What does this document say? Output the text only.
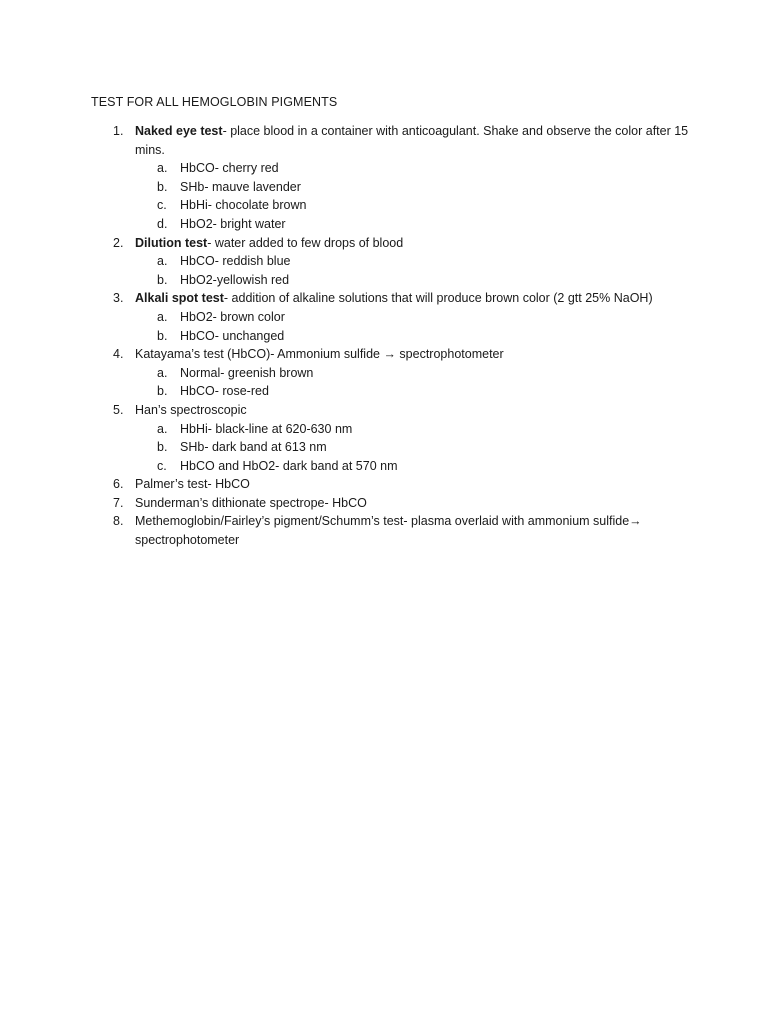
TEST FOR ALL HEMOGLOBIN PIGMENTS
1. Naked eye test- place blood in a container with anticoagulant. Shake and observe the color after 15 mins.
a. HbCO- cherry red
b. SHb- mauve lavender
c. HbHi- chocolate brown
d. HbO2- bright water
2. Dilution test- water added to few drops of blood
a. HbCO- reddish blue
b. HbO2-yellowish red
3. Alkali spot test- addition of alkaline solutions that will produce brown color (2 gtt 25% NaOH)
a. HbO2- brown color
b. HbCO- unchanged
4. Katayama’s test (HbCO)- Ammonium sulfide → spectrophotometer
a. Normal- greenish brown
b. HbCO- rose-red
5. Han’s spectroscopic
a. HbHi- black-line at 620-630 nm
b. SHb- dark band at 613 nm
c. HbCO and HbO2- dark band at 570 nm
6. Palmer’s test- HbCO
7. Sunderman’s dithionate spectrope- HbCO
8. Methemoglobin/Fairley’s pigment/Schumm’s test- plasma overlaid with ammonium sulfide→ spectrophotometer
